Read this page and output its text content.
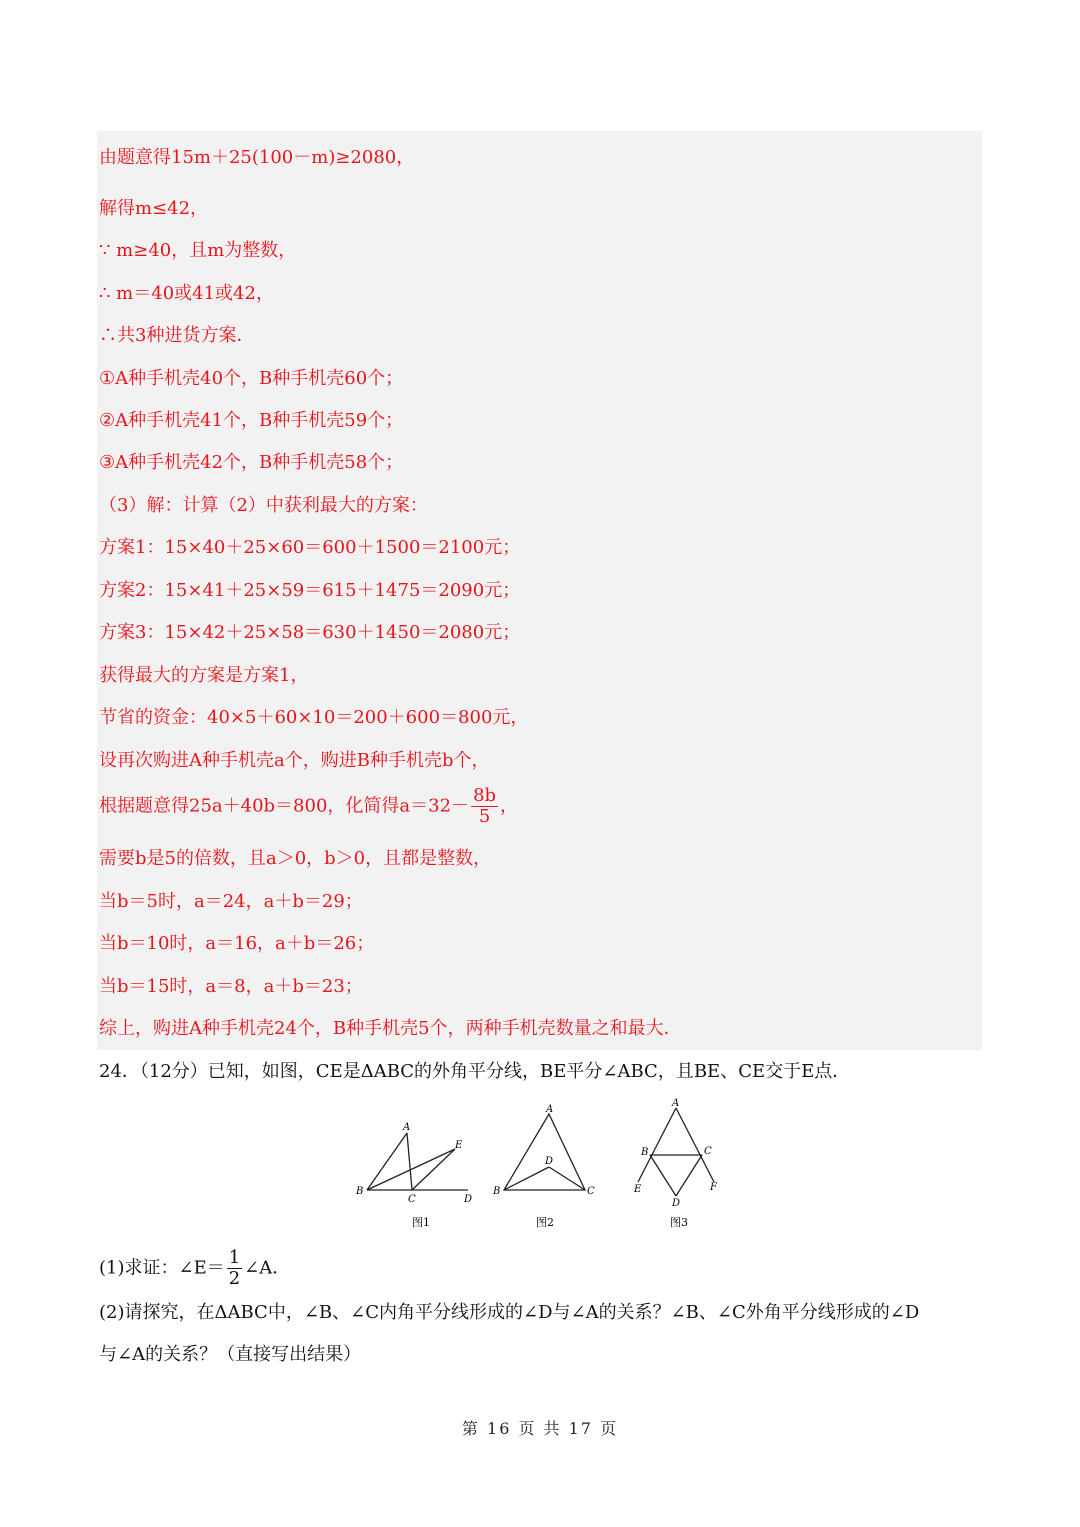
由题意得15m＋25(100－m)≥2080，
解得m≤42，
∵ m≥40，且m为整数，
∴ m＝40或41或42，
∴共3种进货方案．
①A种手机壳40个，B种手机壳60个；
②A种手机壳41个，B种手机壳59个；
③A种手机壳42个，B种手机壳58个；
（3）解：计算（2）中获利最大的方案：
方案1：15×40＋25×60＝600＋1500＝2100元；
方案2：15×41＋25×59＝615＋1475＝2090元；
方案3：15×42＋25×58＝630＋1450＝2080元；
获得最大的方案是方案1，
节省的资金：40×5＋60×10＝200＋600＝800元，
设再次购进A种手机壳a个，购进B种手机壳b个，
根据题意得25a＋40b＝800，化简得$a=32- \frac{8b}{5}$ ，
需要b是5的倍数，且a＞0，b＞0，且都是整数，
当b＝5时，a＝24，a＋b＝29；
当b＝10时，a＝16，a＋b＝26；
当b＝15时，a＝8，a＋b＝23；
综上，购进A种手机壳24个，B种手机壳5个，两种手机壳数量之和最大．
24．（12分）已知，如图，CE是ΔABC的外角平分线，BE平分∠ABC，且BE、CE交于E点．
A
B
C	D
E
图1
A
B	C
D
图2
A
B	C
D
E	F
图3
(1)求证：∠E＝ $\frac{1}{2}$ ∠A．
(2)请探究，在ΔABC中，∠B、∠C内角平分线形成的∠D与∠A的关系？∠B、∠C外角平分线形成的∠D
与∠A的关系？（直接写出结果）
第 16 页 共 17 页
